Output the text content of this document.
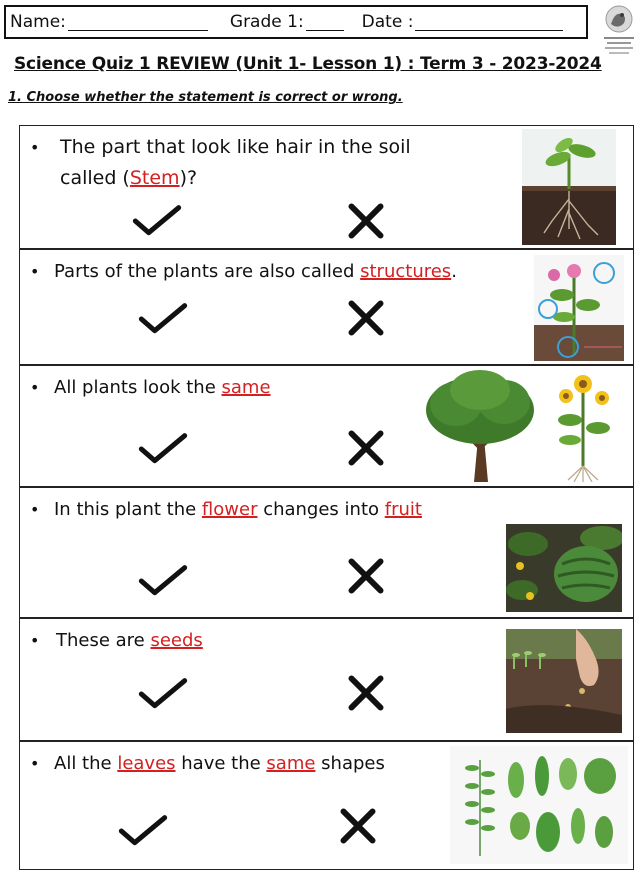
Name:	Grade 1:	Date :
Science Quiz 1 REVIEW (Unit 1- Lesson 1) : Term 3 - 2023-2024
1. Choose whether the statement is correct or wrong.
• The part that look like hair in the soil
called (Stem)?
• Parts of the plants are also called structures.
• All plants look the same
• In this plant the flower changes into fruit
• These are seeds
• All the leaves have the same shapes
